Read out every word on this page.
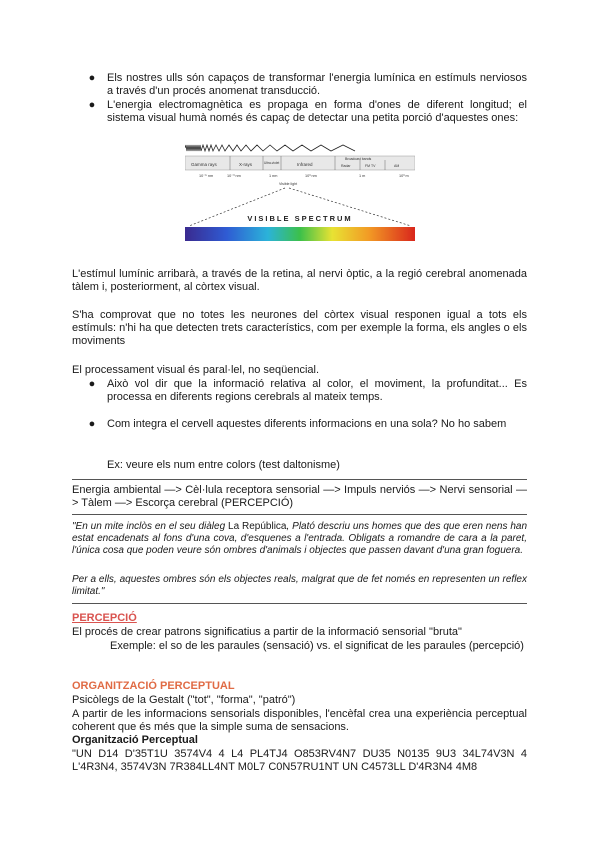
● Els nostres ulls són capaços de transformar l'energia lumínica en estímuls nerviosos a través d'un procés anomenat transducció.
● L'energia electromagnètica es propaga en forma d'ones de diferent longitud; el sistema visual humà només és capaç de detectar una petita porció d'aquestes ones:
Gamma rays	X-rays	Ultra-violet	Infrared
Broadcast bands
Radar	FM TV	AM
10⁻⁵ nm	10⁻³ nm	1 nm	10³ nm	1 m	10³ m
Visible light
VISIBLE SPECTRUM
L'estímul lumínic arribarà, a través de la retina, al nervi òptic, a la regió cerebral anomenada tàlem i, posteriorment, al còrtex visual.
S'ha comprovat que no totes les neurones del còrtex visual responen igual a tots els estímuls: n'hi ha que detecten trets característics, com per exemple la forma, els angles o els moviments
El processament visual és paral·lel, no seqüencial.
● Això vol dir que la informació relativa al color, el moviment, la profunditat... Es processa en diferents regions cerebrals al mateix temps.
● Com integra el cervell aquestes diferents informacions en una sola? No ho sabem
Ex: veure els num entre colors (test daltonisme)
Energia ambiental —> Cèl·lula receptora sensorial —> Impuls nerviós —> Nervi sensorial —> Tàlem —> Escorça cerebral (PERCEPCIÓ)
"En un mite inclòs en el seu diàleg La República, Plató descriu uns homes que des que eren nens han estat encadenats al fons d'una cova, d'esquenes a l'entrada. Obligats a romandre de cara a la paret, l'única cosa que poden veure són ombres d'animals i objectes que passen davant d'una gran foguera.
Per a ells, aquestes ombres són els objectes reals, malgrat que de fet només en representen un reflex limitat."
PERCEPCIÓ
El procés de crear patrons significatius a partir de la informació sensorial "bruta"
Exemple: el so de les paraules (sensació) vs. el significat de les paraules (percepció)
ORGANITZACIÓ PERCEPTUAL
Psicòlegs de la Gestalt ("tot", "forma", "patró")
A partir de les informacions sensorials disponibles, l'encèfal crea una experiència perceptual coherent que és més que la simple suma de sensacions.
Organització Perceptual
"UN D14 D'35T1U 3574V4 4 L4 PL4TJ4 O853RV4N7 DU35 N0135 9U3 34L74V3N 4 L'4R3N4, 3574V3N 7R384LL4NT M0L7 C0N57RU1NT UN C4573LL D'4R3N4 4M8
